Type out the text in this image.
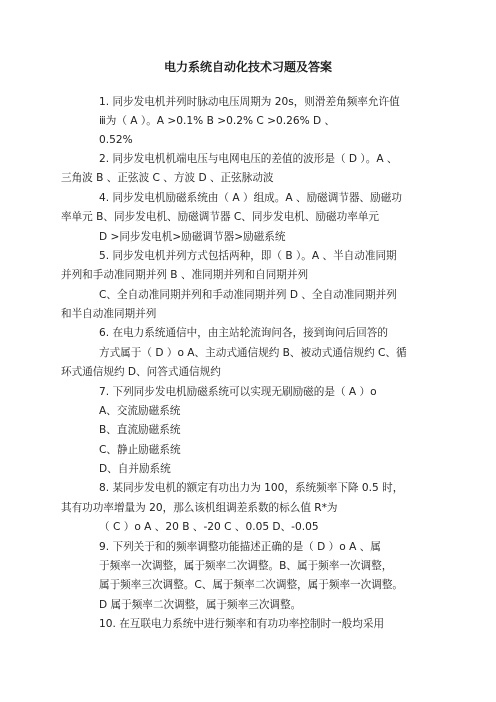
电力系统自动化技术习题及答案
1. 同步发电机并列时脉动电压周期为 20s，则滑差角频率允许值
ⅲ为（ A ）。A >0.1% B >0.2% C >0.26% D 、
0.52%
2. 同步发电机机端电压与电网电压的差值的波形是（ D ）。A 、
三角波 B 、正弦波 C 、方波 D 、正弦脉动波
4. 同步发电机励磁系统由（ A ）组成。A 、励磁调节器、励磁功
率单元 B、同步发电机、励磁调节器 C、同步发电机、励磁功率单元
D >同步发电机>励磁调节器>励磁系统
5. 同步发电机并列方式包括两种，即（ B ）。A 、半自动准同期
并列和手动准同期并列 B 、准同期并列和自同期并列
C、全自动准同期并列和手动准同期并列 D 、全自动准同期并列
和半自动准同期并列
6. 在电力系统通信中，由主站轮流询问各，接到询问后回答的
方式属于（ D ）o A、主动式通信规约 B、被动式通信规约 C、循
环式通信规约 D、问答式通信规约
7. 下列同步发电机励磁系统可以实现无刷励磁的是（ A ）o
A、交流励磁系统
B、直流励磁系统
C、静止励磁系统
D、自并励系统
8. 某同步发电机的额定有功出力为 100，系统频率下降 0.5 时，
其有功功率增量为 20，那么该机组调差系数的标么值 R*为
（ C ）o A 、20 B 、-20 C 、0.05 D、-0.05
9. 下列关于和的频率调整功能描述正确的是（ D ）o A 、属
于频率一次调整，属于频率二次调整。B、属于频率一次调整，
属于频率三次调整。C、属于频率二次调整，属于频率一次调整。
D 属于频率二次调整，属于频率三次调整。
10. 在互联电力系统中进行频率和有功功率控制时一般均采用
